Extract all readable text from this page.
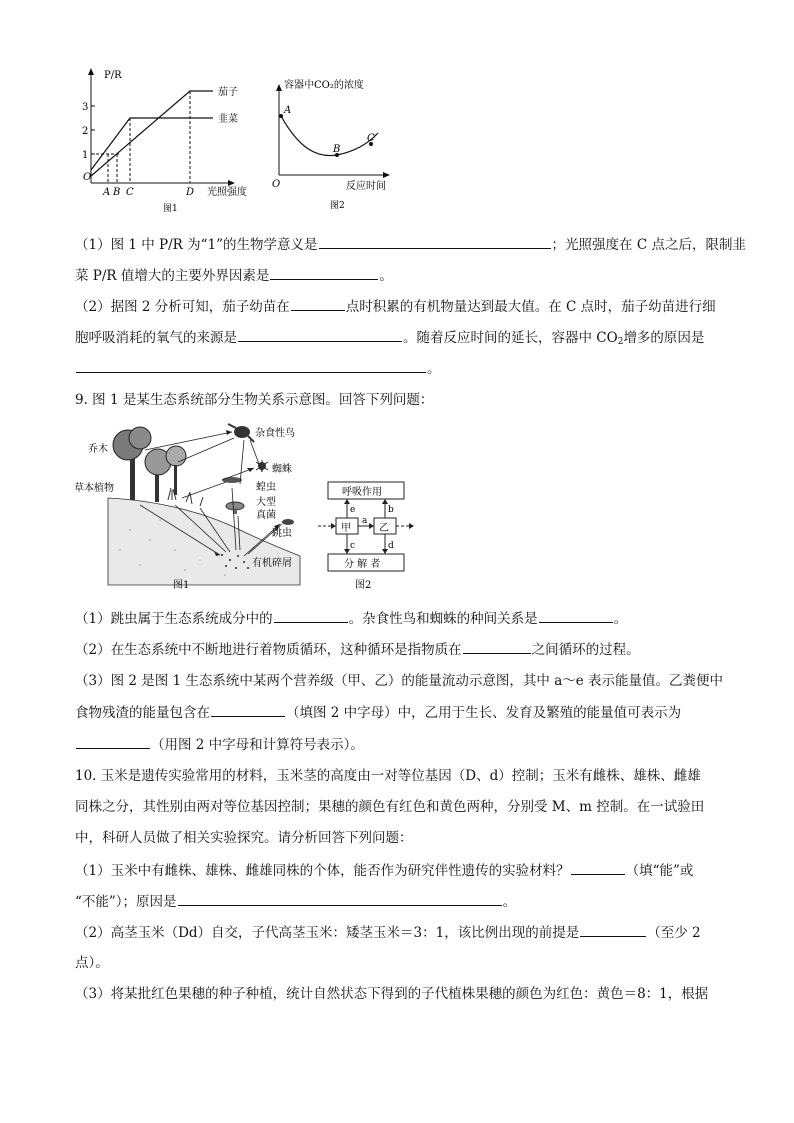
P/R
3
2
1
O
A B C	D 光照强度
茄子
韭菜
图1
容器中CO₂的浓度
A
B
C
O	反应时间
图2
（1）图 1 中 P/R 为“1”的生物学意义是	；光照强度在 C 点之后，限制韭
菜 P/R 值增大的主要外界因素是	。
（2）据图 2 分析可知，茄子幼苗在	点时积累的有机物量达到最大值。在 C 点时，茄子幼苗进行细
胞呼吸消耗的氧气的来源是	。随着反应时间的延长，容器中 $CO_2$增多的原因是
。
9. 图 1 是某生态系统部分生物关系示意图。回答下列问题：
乔木
草本植物
杂食性鸟
蜘蛛
蝗虫
大型
真菌
跳虫
有机碎屑
图1
呼吸作用
甲	乙
分 解 者
e
a
b
c	d
图2
（1）跳虫属于生态系统成分中的	。杂食性鸟和蜘蛛的种间关系是	。
（2）在生态系统中不断地进行着物质循环，这种循环是指物质在	之间循环的过程。
（3）图 2 是图 1 生态系统中某两个营养级（甲、乙）的能量流动示意图，其中 a～e 表示能量值。乙粪便中
食物残渣的能量包含在	（填图 2 中字母）中，乙用于生长、发育及繁殖的能量值可表示为
（用图 2 中字母和计算符号表示）。
10. 玉米是遗传实验常用的材料，玉米茎的高度由一对等位基因（D、d）控制；玉米有雌株、雄株、雌雄
同株之分，其性别由两对等位基因控制；果穗的颜色有红色和黄色两种，分别受 M、m 控制。在一试验田
中，科研人员做了相关实验探究。请分析回答下列问题：
（1）玉米中有雌株、雄株、雌雄同株的个体，能否作为研究伴性遗传的实验材料？	（填“能”或
“不能”）；原因是	。
（2）高茎玉米（Dd）自交，子代高茎玉米：矮茎玉米＝3：1，该比例出现的前提是	（至少 2
点）。
（3）将某批红色果穗的种子种植，统计自然状态下得到的子代植株果穗的颜色为红色：黄色＝8：1，根据
